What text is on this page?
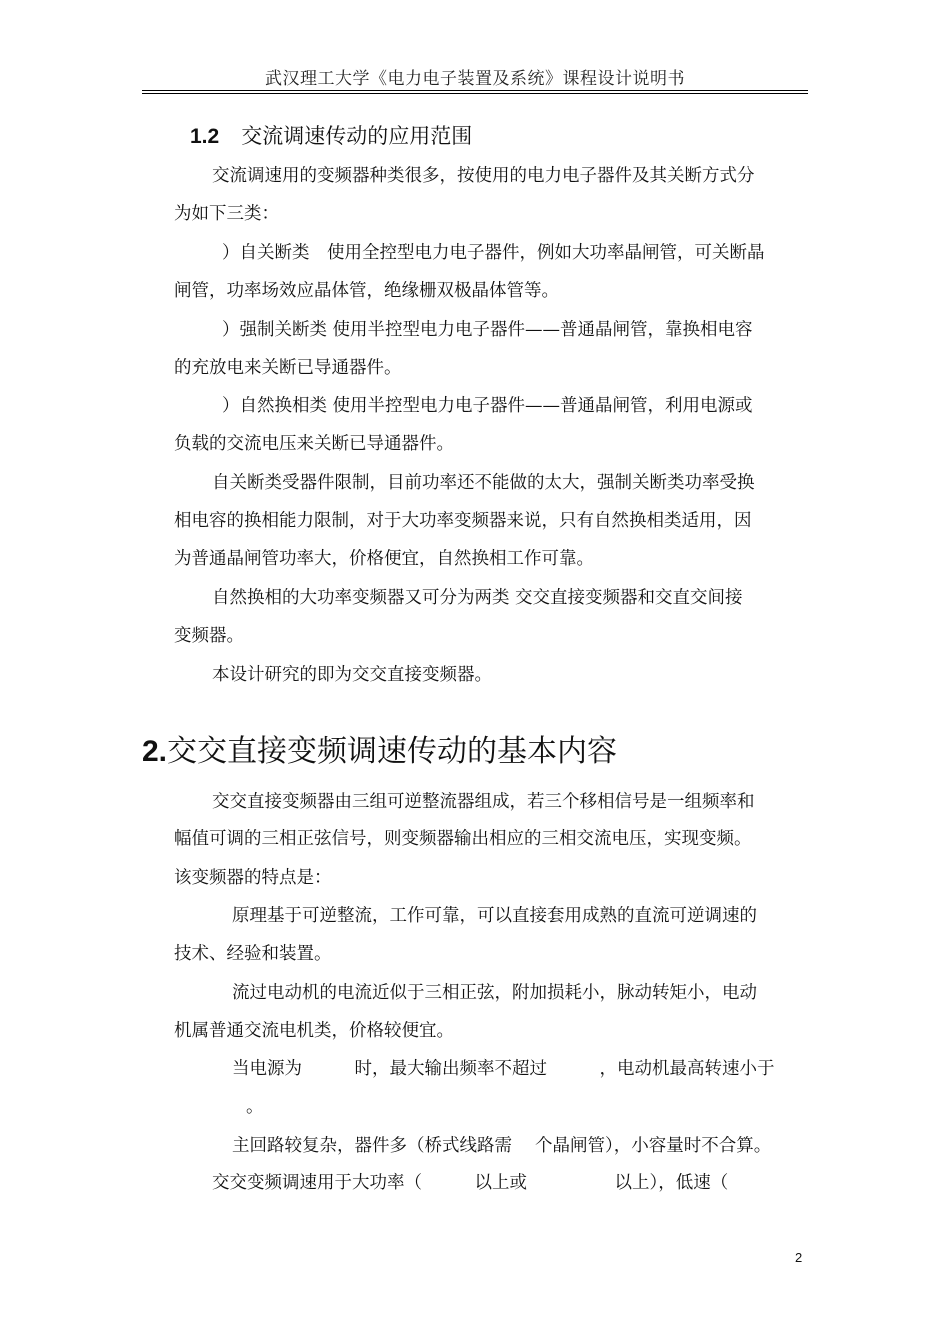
武汉理工大学《电力电子装置及系统》课程设计说明书
1.2 交流调速传动的应用范围
交流调速用的变频器种类很多，按使用的电力电子器件及其关断方式分
为如下三类：
）自关断类　使用全控型电力电子器件，例如大功率晶闸管，可关断晶
闸管，功率场效应晶体管，绝缘栅双极晶体管等。
）强制关断类 使用半控型电力电子器件——普通晶闸管，靠换相电容
的充放电来关断已导通器件。
）自然换相类 使用半控型电力电子器件——普通晶闸管，利用电源或
负载的交流电压来关断已导通器件。
自关断类受器件限制，目前功率还不能做的太大，强制关断类功率受换
相电容的换相能力限制，对于大功率变频器来说，只有自然换相类适用，因
为普通晶闸管功率大，价格便宜，自然换相工作可靠。
自然换相的大功率变频器又可分为两类 交交直接变频器和交直交间接
变频器。
本设计研究的即为交交直接变频器。
2.交交直接变频调速传动的基本内容
交交直接变频器由三组可逆整流器组成，若三个移相信号是一组频率和
幅值可调的三相正弦信号，则变频器输出相应的三相交流电压，实现变频。
该变频器的特点是：
原理基于可逆整流，工作可靠，可以直接套用成熟的直流可逆调速的
技术、经验和装置。
流过电动机的电流近似于三相正弦，附加损耗小，脉动转矩小，电动
机属普通交流电机类，价格较便宜。
当电源为　　　时，最大输出频率不超过　　　，电动机最高转速小于
。
主回路较复杂，器件多（桥式线路需　 个晶闸管），小容量时不合算。
交交变频调速用于大功率（　　　以上或　　　　　以上），低速（
2
